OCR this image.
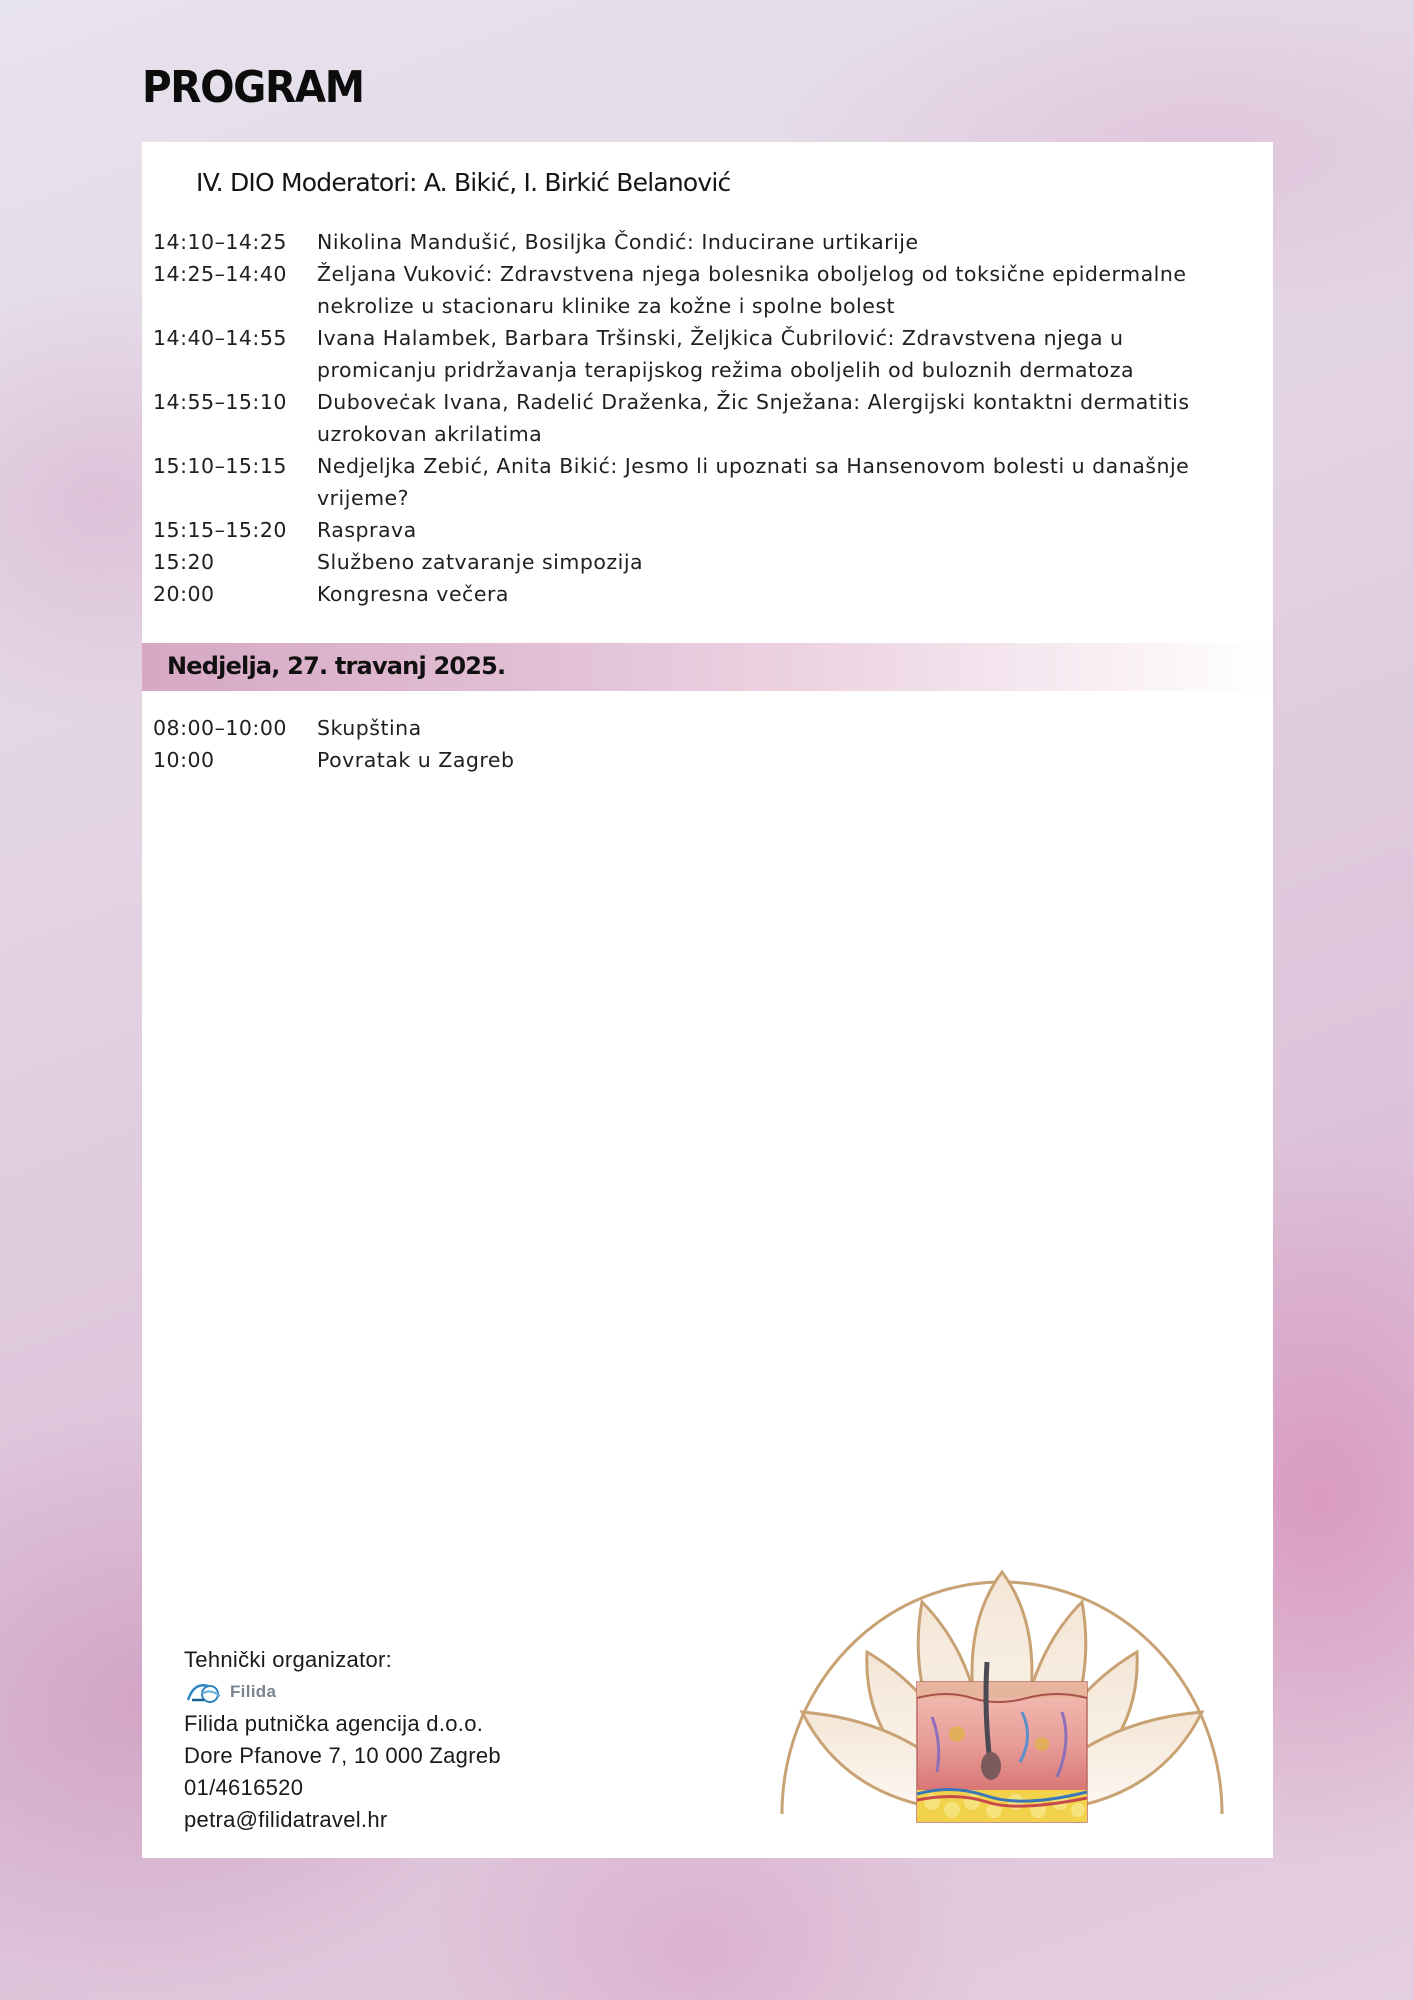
PROGRAM
IV. DIO Moderatori: A. Bikić, I. Birkić Belanović
14:10–14:25	Nikolina Mandušić, Bosiljka Čondić: Inducirane urtikarije
14:25–14:40	Željana Vuković: Zdravstvena njega bolesnika oboljelog od toksične epidermalne nekrolize u stacionaru klinike za kožne i spolne bolest
14:40–14:55	Ivana Halambek, Barbara Tršinski, Željkica Čubrilović: Zdravstvena njega u promicanju pridržavanja terapijskog režima oboljelih od buloznih dermatoza
14:55–15:10	Duboveċak Ivana, Radelić Draženka, Žic Snježana: Alergijski kontaktni dermatitis uzrokovan akrilatima
15:10–15:15	Nedjeljka Zebić, Anita Bikić: Jesmo li upoznati sa Hansenovom bolesti u današnje vrijeme?
15:15–15:20	Rasprava
15:20	Službeno zatvaranje simpozija
20:00	Kongresna večera
Nedjelja, 27. travanj 2025.
08:00–10:00	Skupština
10:00	Povratak u Zagreb
Tehnički organizator:
Filida
Filida putnička agencija d.o.o.
Dore Pfanove 7, 10 000 Zagreb
01/4616520
petra@filidatravel.hr
